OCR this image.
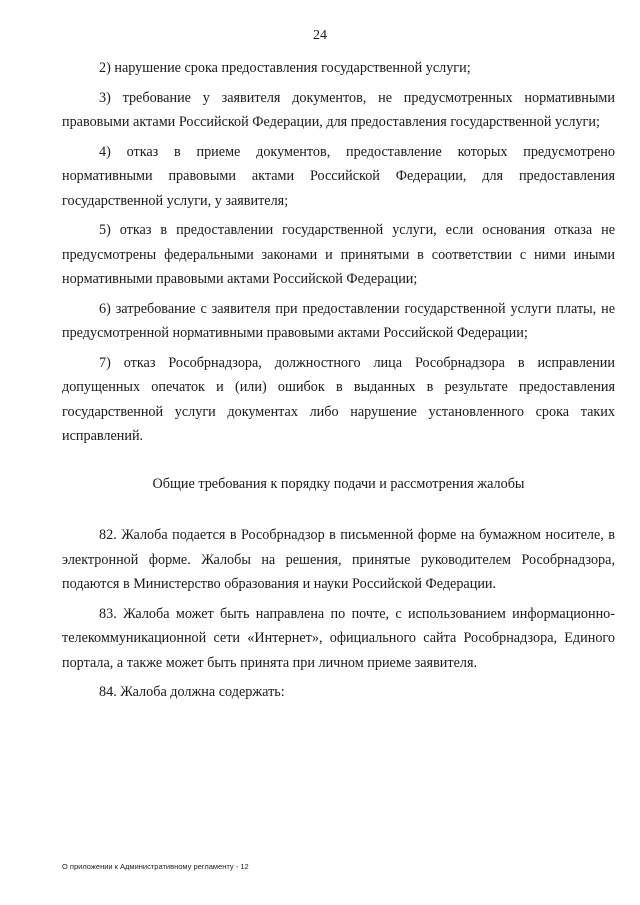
24

2) нарушение срока предоставления государственной услуги;

3) требование у заявителя документов, не предусмотренных нормативными правовыми актами Российской Федерации, для предоставления государственной услуги;

4) отказ в приеме документов, предоставление которых предусмотрено нормативными правовыми актами Российской Федерации, для предоставления государственной услуги, у заявителя;

5) отказ в предоставлении государственной услуги, если основания отказа не предусмотрены федеральными законами и принятыми в соответствии с ними иными нормативными правовыми актами Российской Федерации;

6) затребование с заявителя при предоставлении государственной услуги платы, не предусмотренной нормативными правовыми актами Российской Федерации;

7) отказ Рособрнадзора, должностного лица Рособрнадзора в исправлении допущенных опечаток и (или) ошибок в выданных в результате предоставления государственной услуги документах либо нарушение установленного срока таких исправлений.

Общие требования к порядку подачи и рассмотрения жалобы

82. Жалоба подается в Рособрнадзор в письменной форме на бумажном носителе, в электронной форме. Жалобы на решения, принятые руководителем Рособрнадзора, подаются в Министерство образования и науки Российской Федерации.

83. Жалоба может быть направлена по почте, с использованием информационно-телекоммуникационной сети «Интернет», официального сайта Рособрнадзора, Единого портала, а также может быть принята при личном приеме заявителя.

84. Жалоба должна содержать:

О приложении к Административному регламенту - 12
